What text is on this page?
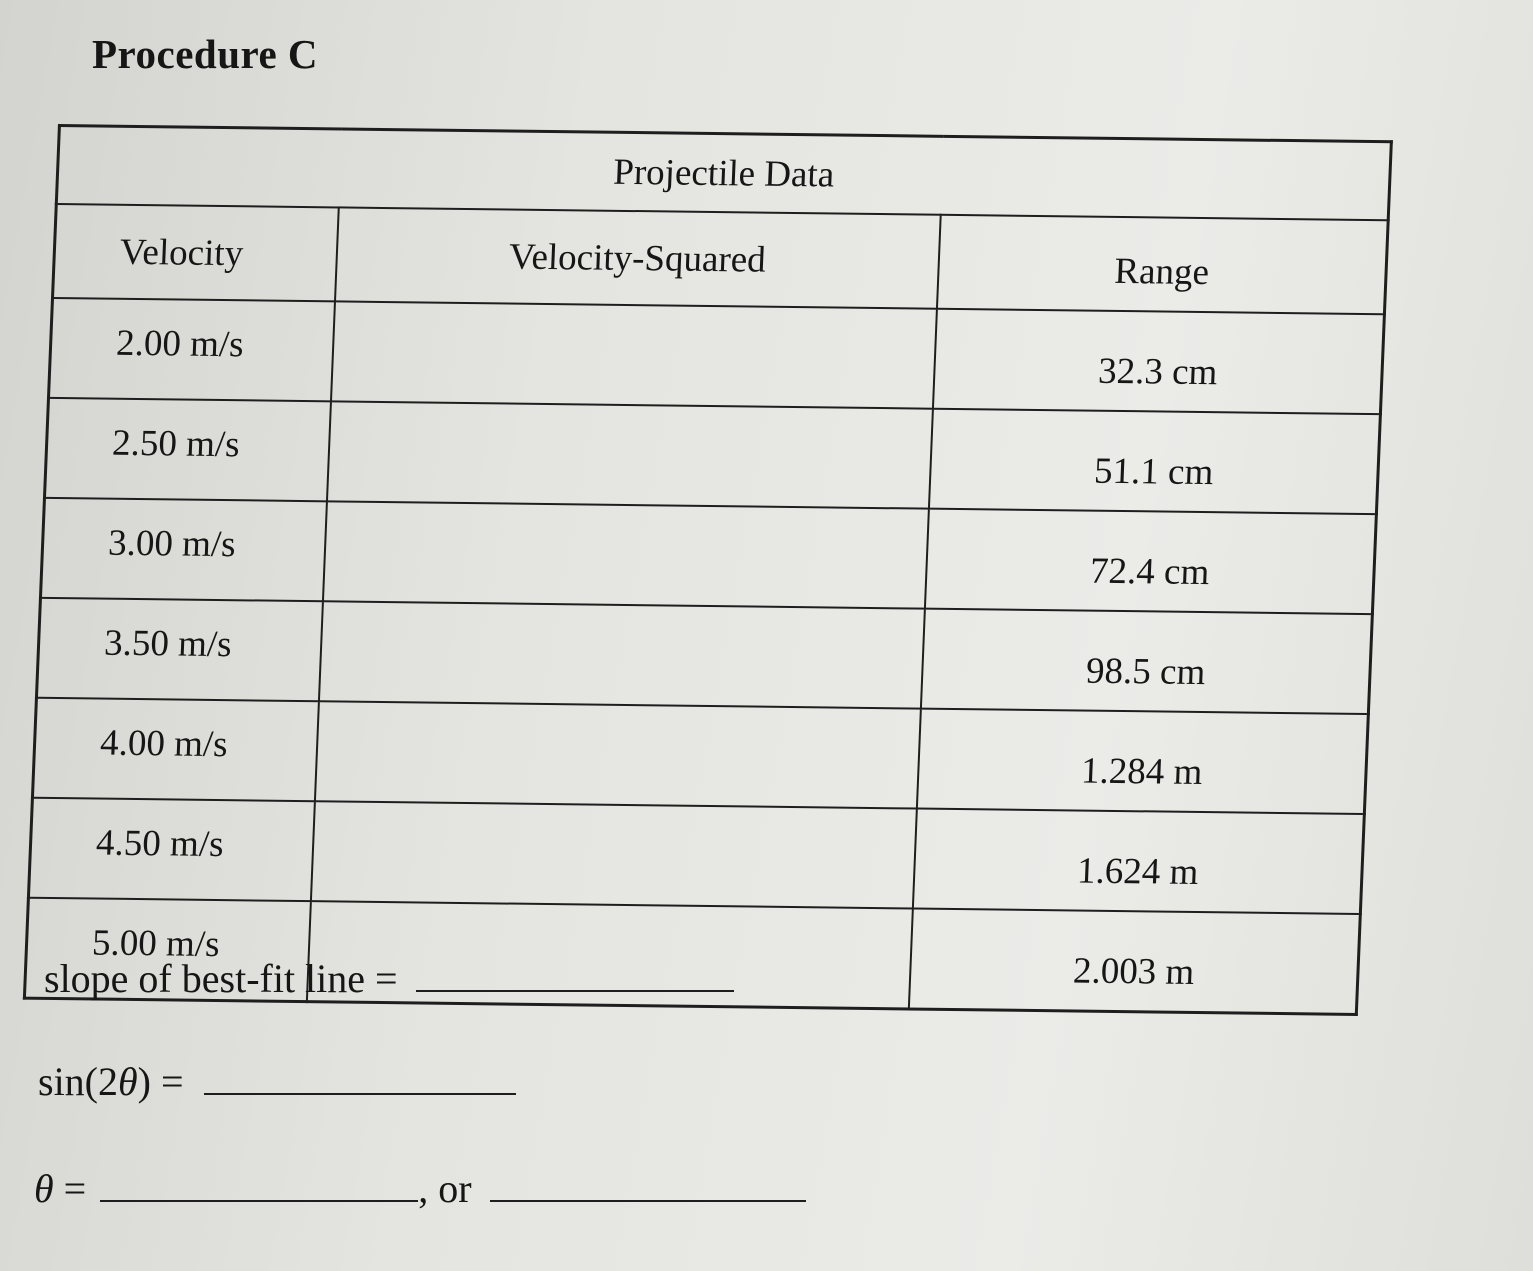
Procedure C
Projectile Data		
Velocity	Velocity-Squared	Range
2.00 m/s		32.3 cm
2.50 m/s		51.1 cm
3.00 m/s		72.4 cm
3.50 m/s		98.5 cm
4.00 m/s		1.284 m
4.50 m/s		1.624 m
5.00 m/s		2.003 m
slope of best-fit line =
sin(2θ) =
θ =	, or
